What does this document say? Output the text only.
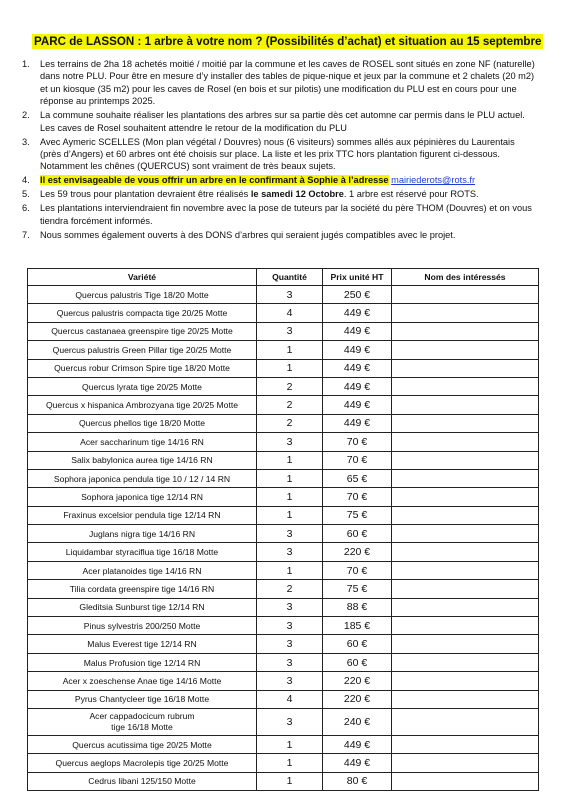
PARC de LASSON : 1 arbre à votre nom ? (Possibilités d’achat) et situation au 15 septembre
1.	Les terrains de 2ha 18 achetés moitié / moitié par la commune et les caves de ROSEL sont situés en zone NF (naturelle) dans notre PLU. Pour être en mesure d’y installer des tables de pique-nique et jeux par la commune et 2 chalets (20 m2) et un kiosque (35 m2) pour les caves de Rosel (en bois et sur pilotis) une modification du PLU est en cours pour une réponse au printemps 2025.
2.	La commune souhaite réaliser les plantations des arbres sur sa partie dès cet automne car permis dans le PLU actuel. Les caves de Rosel souhaitent attendre le retour de la modification du PLU
3.	Avec Aymeric SCELLES (Mon plan végétal / Douvres) nous (6 visiteurs) sommes allés aux pépinières du Laurentais (près d’Angers) et 60 arbres ont été choisis sur place. La liste et les prix TTC hors plantation figurent ci-dessous. Notamment les chênes (QUERCUS) sont vraiment de très beaux sujets.
4.	Il est envisageable de vous offrir un arbre en le confirmant à Sophie à l’adresse mairiederots@rots.fr
5.	Les 59 trous pour plantation devraient être réalisés le samedi 12 Octobre. 1 arbre est réservé pour ROTS.
6.	Les plantations interviendraient fin novembre avec la pose de tuteurs par la société du père THOM (Douvres) et on vous tiendra forcément informés.
7.	Nous sommes également ouverts à des DONS d’arbres qui seraient jugés compatibles avec le projet.
Variété	Quantité	Prix unité HT	Nom des intéressés
Quercus palustris Tige 18/20 Motte	3	250 €	
Quercus palustris compacta tige 20/25 Motte	4	449 €	
Quercus castanaea greenspire tige 20/25 Motte	3	449 €	
Quercus palustris Green Pillar tige 20/25 Motte	1	449 €	
Quercus robur Crimson Spire tige 18/20 Motte	1	449 €	
Quercus lyrata tige 20/25 Motte	2	449 €	
Quercus x hispanica Ambrozyana tige 20/25 Motte	2	449 €	
Quercus phellos tige 18/20 Motte	2	449 €	
Acer saccharinum tige 14/16 RN	3	70 €	
Salix babylonica aurea tige 14/16 RN	1	70 €	
Sophora japonica pendula tige 10 / 12 / 14 RN	1	65 €	
Sophora japonica tige 12/14 RN	1	70 €	
Fraxinus excelsior pendula tige 12/14 RN	1	75 €	
Juglans nigra tige 14/16 RN	3	60 €	
Liquidambar styraciflua tige 16/18 Motte	3	220 €	
Acer platanoides tige 14/16 RN	1	70 €	
Tilia cordata greenspire tige 14/16 RN	2	75 €	
Gleditsia Sunburst tige 12/14 RN	3	88 €	
Pinus sylvestris 200/250 Motte	3	185 €	
Malus Everest tige 12/14 RN	3	60 €	
Malus Profusion tige 12/14 RN	3	60 €	
Acer x zoeschense Anae tige 14/16 Motte	3	220 €	
Pyrus Chantycleer tige 16/18 Motte	4	220 €	

Acer cappadocicum rubrum
tige 16/18 Motte	3	240 €	
Quercus acutissima tige 20/25 Motte	1	449 €	
Quercus aeglops Macrolepis tige 20/25 Motte	1	449 €	
Cedrus libani 125/150 Motte	1	80 €	
